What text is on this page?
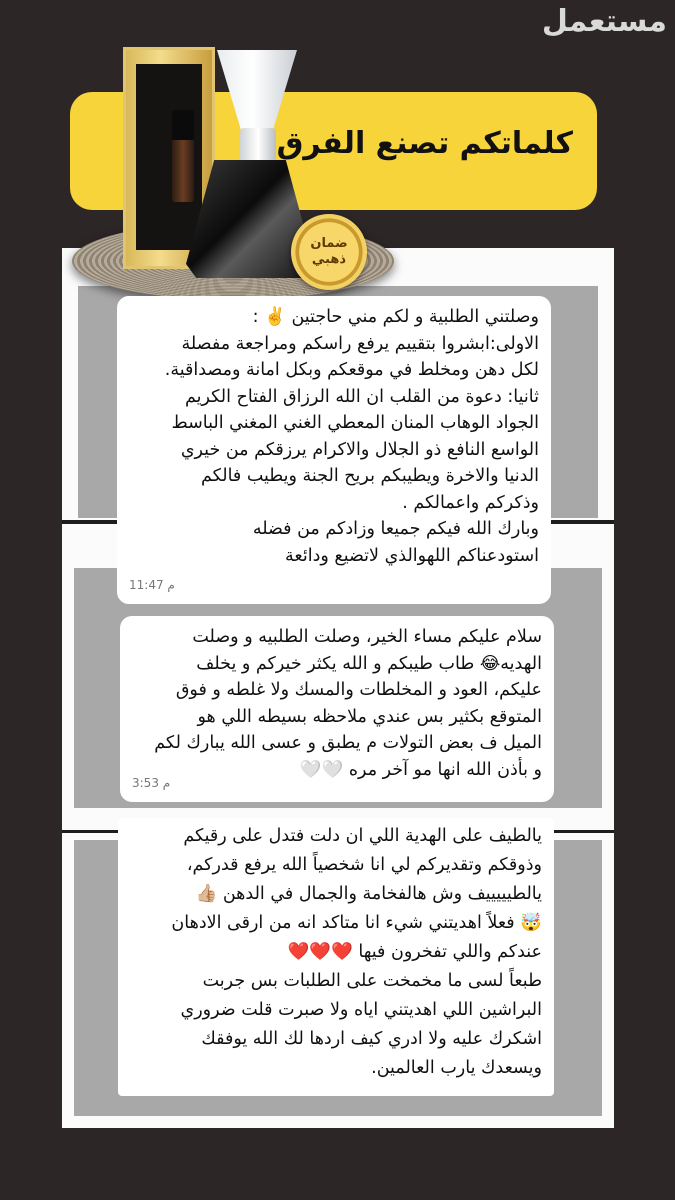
مستعمل
كلماتكم تصنع الفرق
ضمان
ذهبي

وصلتني الطلبية و لكم مني حاجتين ✌️ :

الاولى:ابشروا بتقييم يرفع راسكم ومراجعة مفصلة

لكل دهن ومخلط في موقعكم وبكل امانة ومصداقية.

ثانيا: دعوة من القلب ان الله الرزاق الفتاح الكريم

الجواد الوهاب المنان المعطي الغني المغني الباسط

الواسع النافع ذو الجلال والاكرام يرزقكم من خيري

الدنيا والاخرة ويطيبكم بريح الجنة ويطيب فالكم

وذكركم واعمالكم .

وبارك الله فيكم جميعا وزادكم من فضله

استودعناكم اللهوالذي لاتضيع ودائعة

11:47 م

سلام عليكم مساء الخير، وصلت الطلبيه و وصلت

الهديه😂 طاب طيبكم و الله يكثر خيركم و يخلف

عليكم، العود و المخلطات والمسك ولا غلطه و فوق

المتوقع بكثير بس عندي ملاحظه بسيطه اللي هو

الميل ف بعض التولات م يطبق و عسى الله يبارك لكم

و بأذن الله انها مو آخر مره 🤍🤍

3:53 م

يالطيف على الهدية اللي ان دلت فتدل على رقيكم

وذوقكم وتقديركم لي انا شخصياً الله يرفع قدركم،

يالطيييييف وش هالفخامة والجمال في الدهن 👍🏼

🤯 فعلاً اهديتني شيء انا متاكد انه من ارقى الادهان

عندكم واللي تفخرون فيها ❤️❤️❤️

طبعاً لسى ما مخمخت على الطلبات بس جربت

البراشين اللي اهديتني اياه ولا صبرت قلت ضروري

اشكرك عليه ولا ادري كيف اردها لك الله يوفقك

ويسعدك يارب العالمين.
